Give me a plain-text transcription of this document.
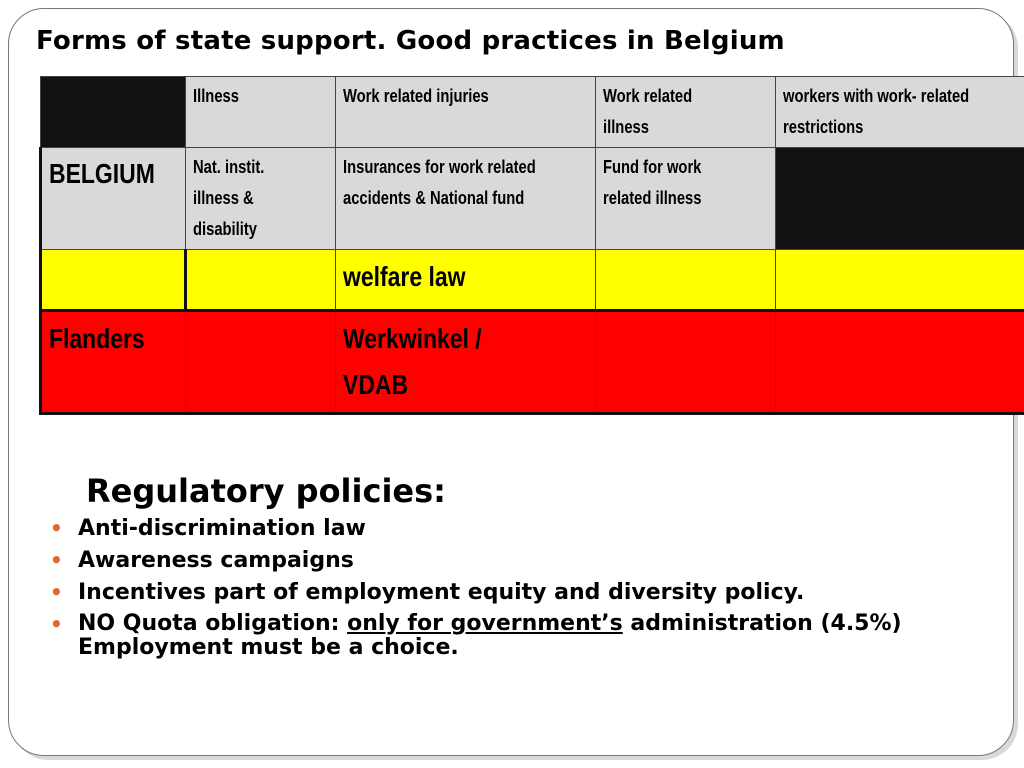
Forms of state support. Good practices in Belgium
	Illness	Work related injuries	Work related illness	workers with work- related restrictions

BELGIUM	Nat. instit. illness & disability	Insurances for work related accidents & National fund	Fund for work related illness	

		welfare law		
Flanders		Werkwinkel / VDAB		

Regulatory policies:
• Anti-discrimination law
• Awareness campaigns
• Incentives part of employment equity and diversity policy.
• NO Quota obligation: only for government’s administration (4.5%) Employment must be a choice.
